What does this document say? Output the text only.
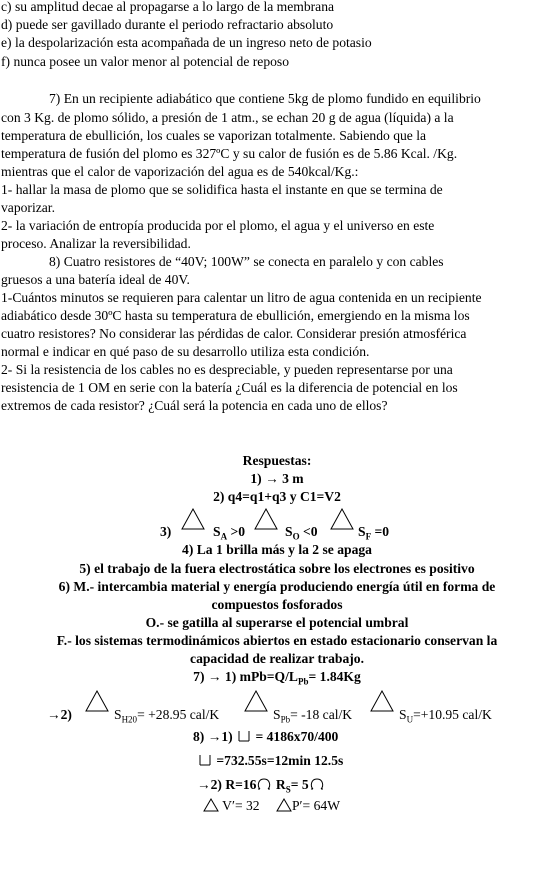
c) su amplitud decae al propagarse a lo largo de la membrana
d) puede ser gavillado durante el periodo refractario absoluto
e) la despolarización esta acompañada de un ingreso neto de potasio
f) nunca posee un valor menor al potencial de reposo
7) En un recipiente adiabático que contiene 5kg de plomo fundido en equilibrio
con 3 Kg. de plomo sólido, a presión de 1 atm., se echan 20 g de agua (líquida) a la
temperatura de ebullición, los cuales se vaporizan totalmente. Sabiendo que la
temperatura de fusión del plomo es 327ºC y su calor de fusión es de 5.86 Kcal. /Kg.
mientras que el calor de vaporización del agua es de 540kcal/Kg.:
1- hallar la masa de plomo que se solidifica hasta el instante en que se termina de
vaporizar.
2- la variación de entropía producida por el plomo, el agua y el universo en este
proceso. Analizar la reversibilidad.
8) Cuatro resistores de “40V; 100W” se conecta en paralelo y con cables
gruesos a una batería ideal de 40V.
1-Cuántos minutos se requieren para calentar un litro de agua contenida en un recipiente
adiabático desde 30ºC hasta su temperatura de ebullición, emergiendo en la misma los
cuatro resistores? No considerar las pérdidas de calor. Considerar presión atmosférica
normal e indicar en qué paso de su desarrollo utiliza esta condición.
2- Si la resistencia de los cables no es despreciable, y pueden representarse por una
resistencia de 1 OM en serie con la batería ¿Cuál es la diferencia de potencial en los
extremos de cada resistor? ¿Cuál será la potencia en cada uno de ellos?
Respuestas:
1) → 3 m
2) q4=q1+q3 y C1=V2
3)	$S_A >0$	$S_O <0$	$S_F =0$
4) La 1 brilla más y la 2 se apaga
5) el trabajo de la fuera electrostática sobre los electrones es positivo
6) M.- intercambia material y energía produciendo energía útil en forma de
compuestos fosforados
O.- se gatilla al superarse el potencial umbral
F.- los sistemas termodinámicos abiertos en estado estacionario conservan la
capacidad de realizar trabajo.
7) → 1) $mPb=Q/L_{Pb}= 1.84Kg$
→2)	$S_{H20}= +28.95$ cal/K	$S_{Pb}= -18$ cal/K	$S_U=+10.95$ cal/K
8) →1)  = 4186x70/400
=732.55s=12min 12.5s
→2) R=16 $R_S= 5$
V′= 32	P′= 64W
